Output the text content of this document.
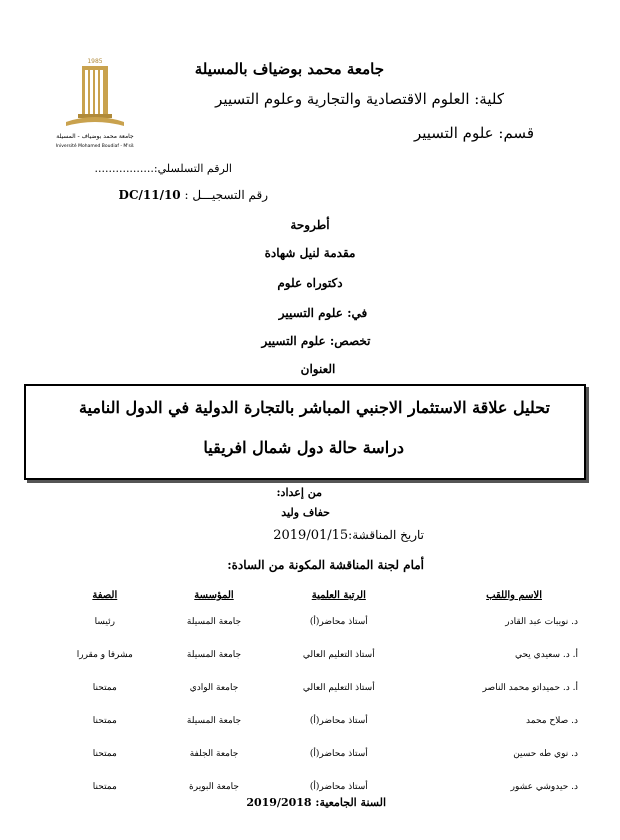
جامعة محمد بوضياف بالمسيلة
كلية: العلوم الاقتصادية والتجارية وعلوم التسيير
قسم: علوم التسيير
1985
جامعة محمد بوضياف - المسيلة
Université Mohamed Boudiaf - M'sila
الرقم التسلسلي:.................
رقم التسجيـــل : DC/11/10
أطروحة
مقدمة لنيل شهادة
دكتوراه علوم
في: علوم التسيير
تخصص: علوم التسيير
العنوان
تحليل علاقة الاستثمار الاجنبي المباشر بالتجارة الدولية في الدول النامية
دراسة حالة دول شمال افريقيا
من إعداد:
حفاف وليد
تاريخ المناقشة:2019/01/15
أمام لجنة المناقشة المكونة من السادة:
الاسم واللقب	الرتبة العلمية	المؤسسة	الصفة
د. نويبات عبد القادر	أستاذ محاضر(أ)	جامعة المسيلة	رئيسا
أ. د. سعيدي يحي	أستاذ التعليم العالي	جامعة المسيلة	مشرفا و مقررا
أ. د. حميداتو محمد الناصر	أستاذ التعليم العالي	جامعة الوادي	ممتحنا
د. صلاح محمد	أستاذ محاضر(أ)	جامعة المسيلة	ممتحنا
د. نوي طه حسين	أستاذ محاضر(أ)	جامعة الجلفة	ممتحنا
د. حيدوشي عشور	أستاذ محاضر(أ)	جامعة البويرة	ممتحنا
السنة الجامعية: 2019/2018
